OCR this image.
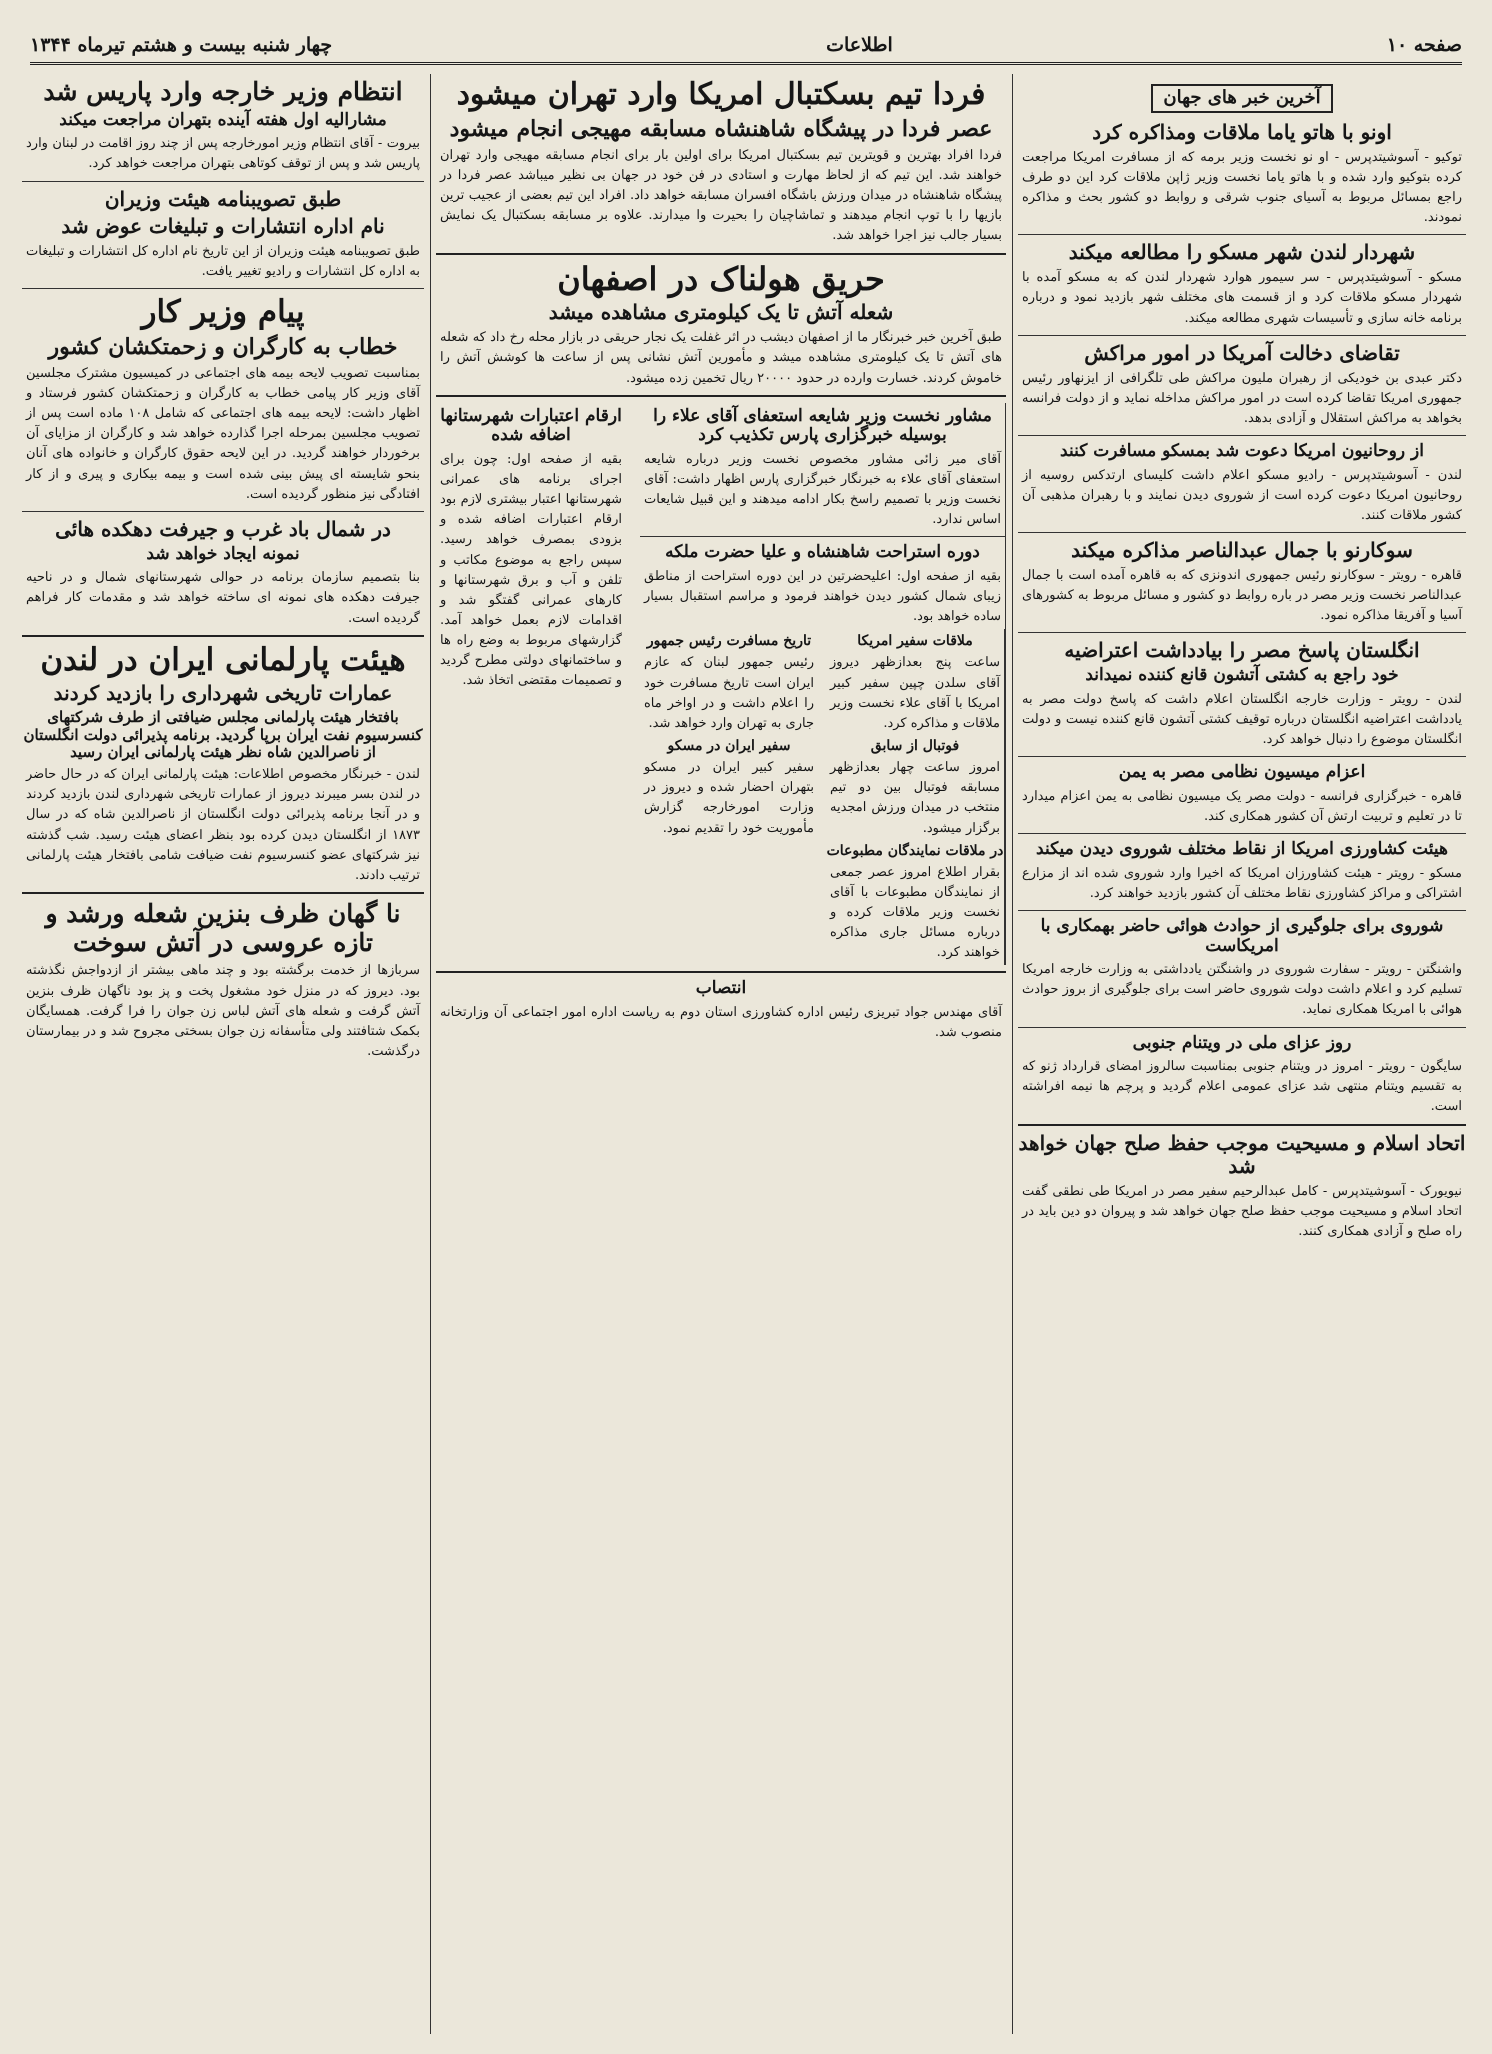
صفحه ۱۰
اطلاعات
چهار شنبه بیست و هشتم تیرماه ۱۳۴۴
آخرین خبر های جهان
اونو با هاتو یاما ملاقات ومذاکره کرد
توکیو - آسوشیتدپرس - او نو نخست وزیر برمه که از مسافرت امریکا مراجعت کرده بتوکیو وارد شده و با هاتو یاما نخست وزیر ژاپن ملاقات کرد این دو طرف راجع بمسائل مربوط به آسیای جنوب شرقی و روابط دو کشور بحث و مذاکره نمودند.
شهردار لندن شهر مسکو را مطالعه میکند
مسکو - آسوشیتدپرس - سر سیمور هوارد شهردار لندن که به مسکو آمده با شهردار مسکو ملاقات کرد و از قسمت های مختلف شهر بازدید نمود و درباره برنامه خانه سازی و تأسیسات شهری مطالعه میکند.
تقاضای دخالت آمریکا در امور مراکش
دکتر عبدی بن خودیکی از رهبران ملیون مراکش طی تلگرافی از ایزنهاور رئیس جمهوری امریکا تقاضا کرده است در امور مراکش مداخله نماید و از دولت فرانسه بخواهد به مراکش استقلال و آزادی بدهد.
از روحانیون امریکا دعوت شد بمسکو مسافرت کنند
لندن - آسوشیتدپرس - رادیو مسکو اعلام داشت کلیسای ارتدکس روسیه از روحانیون امریکا دعوت کرده است از شوروی دیدن نمایند و با رهبران مذهبی آن کشور ملاقات کنند.
سوکارنو با جمال عبدالناصر مذاکره میکند
قاهره - رویتر - سوکارنو رئیس جمهوری اندونزی که به قاهره آمده است با جمال عبدالناصر نخست وزیر مصر در باره روابط دو کشور و مسائل مربوط به کشورهای آسیا و آفریقا مذاکره نمود.
انگلستان پاسخ مصر را بیادداشت اعتراضیه
خود راجع به کشتی آتشون قانع کننده نمیداند
لندن - رویتر - وزارت خارجه انگلستان اعلام داشت که پاسخ دولت مصر به یادداشت اعتراضیه انگلستان درباره توقیف کشتی آتشون قانع کننده نیست و دولت انگلستان موضوع را دنبال خواهد کرد.
اعزام میسیون نظامی مصر به یمن
قاهره - خبرگزاری فرانسه - دولت مصر یک میسیون نظامی به یمن اعزام میدارد تا در تعلیم و تربیت ارتش آن کشور همکاری کند.
هیئت کشاورزی امریکا از نقاط مختلف شوروی دیدن میکند
مسکو - رویتر - هیئت کشاورزان امریکا که اخیرا وارد شوروی شده اند از مزارع اشتراکی و مراکز کشاورزی نقاط مختلف آن کشور بازدید خواهند کرد.
شوروی برای جلوگیری از حوادث هوائی حاضر بهمکاری با امریکاست
واشنگتن - رویتر - سفارت شوروی در واشنگتن یادداشتی به وزارت خارجه امریکا تسلیم کرد و اعلام داشت دولت شوروی حاضر است برای جلوگیری از بروز حوادث هوائی با امریکا همکاری نماید.
روز عزای ملی در ویتنام جنوبی
سایگون - رویتر - امروز در ویتنام جنوبی بمناسبت سالروز امضای قرارداد ژنو که به تقسیم ویتنام منتهی شد عزای عمومی اعلام گردید و پرچم ها نیمه افراشته است.
اتحاد اسلام و مسیحیت موجب حفظ صلح جهان خواهد شد
نیویورک - آسوشیتدپرس - کامل عبدالرحیم سفیر مصر در امریکا طی نطقی گفت اتحاد اسلام و مسیحیت موجب حفظ صلح جهان خواهد شد و پیروان دو دین باید در راه صلح و آزادی همکاری کنند.
فردا تیم بسکتبال امریکا وارد تهران میشود
عصر فردا در پیشگاه شاهنشاه مسابقه مهیجی انجام میشود
فردا افراد بهترین و قویترین تیم بسکتبال امریکا برای اولین بار برای انجام مسابقه مهیجی وارد تهران خواهند شد. این تیم که از لحاظ مهارت و استادی در فن خود در جهان بی نظیر میباشد عصر فردا در پیشگاه شاهنشاه در میدان ورزش باشگاه افسران مسابقه خواهد داد. افراد این تیم بعضی از عجیب ترین بازیها را با توپ انجام میدهند و تماشاچیان را بحیرت وا میدارند. علاوه بر مسابقه بسکتبال یک نمایش بسیار جالب نیز اجرا خواهد شد.
حریق هولناک در اصفهان
شعله آتش تا یک کیلومتری مشاهده میشد
طبق آخرین خبر خبرنگار ما از اصفهان دیشب در اثر غفلت یک نجار حریقی در بازار محله رخ داد که شعله های آتش تا یک کیلومتری مشاهده میشد و مأمورین آتش نشانی پس از ساعت ها کوشش آتش را خاموش کردند. خسارت وارده در حدود ۲۰۰۰۰ ریال تخمین زده میشود.
مشاور نخست وزیر شایعه استعفای آقای علاء را بوسیله خبرگزاری پارس تکذیب کرد
آقای میر زائی مشاور مخصوص نخست وزیر درباره شایعه استعفای آقای علاء به خبرنگار خبرگزاری پارس اظهار داشت: آقای نخست وزیر با تصمیم راسخ بکار ادامه میدهند و این قبیل شایعات اساس ندارد.
دوره استراحت شاهنشاه و علیا حضرت ملکه
بقیه از صفحه اول: اعلیحضرتین در این دوره استراحت از مناطق زیبای شمال کشور دیدن خواهند فرمود و مراسم استقبال بسیار ساده خواهد بود.
ملاقات سفیر امریکا
ساعت پنج بعدازظهر دیروز آقای سلدن چپین سفیر کبیر امریکا با آقای علاء نخست وزیر ملاقات و مذاکره کرد.
فوتبال از سابق
امروز ساعت چهار بعدازظهر مسابقه فوتبال بین دو تیم منتخب در میدان ورزش امجدیه برگزار میشود.
در ملاقات نمایندگان مطبوعات
بقرار اطلاع امروز عصر جمعی از نمایندگان مطبوعات با آقای نخست وزیر ملاقات کرده و درباره مسائل جاری مذاکره خواهند کرد.
تاریخ مسافرت رئیس جمهور
رئیس جمهور لبنان که عازم ایران است تاریخ مسافرت خود را اعلام داشت و در اواخر ماه جاری به تهران وارد خواهد شد.
سفیر ایران در مسکو
سفیر کبیر ایران در مسکو بتهران احضار شده و دیروز در وزارت امورخارجه گزارش مأموریت خود را تقدیم نمود.
ارقام اعتبارات شهرستانها اضافه شده
بقیه از صفحه اول: چون برای اجرای برنامه های عمرانی شهرستانها اعتبار بیشتری لازم بود ارقام اعتبارات اضافه شده و بزودی بمصرف خواهد رسید. سپس راجع به موضوع مکاتب و تلفن و آب و برق شهرستانها و کارهای عمرانی گفتگو شد و اقدامات لازم بعمل خواهد آمد. گزارشهای مربوط به وضع راه ها و ساختمانهای دولتی مطرح گردید و تصمیمات مقتضی اتخاذ شد.
انتصاب
آقای مهندس جواد تبریزی رئیس اداره کشاورزی استان دوم به ریاست اداره امور اجتماعی آن وزارتخانه منصوب شد.
انتظام وزیر خارجه وارد پاریس شد
مشارالیه اول هفته آینده بتهران مراجعت میکند
بیروت - آقای انتظام وزیر امورخارجه پس از چند روز اقامت در لبنان وارد پاریس شد و پس از توقف کوتاهی بتهران مراجعت خواهد کرد.
طبق تصویبنامه هیئت وزیران
نام اداره انتشارات و تبلیغات عوض شد
طبق تصویبنامه هیئت وزیران از این تاریخ نام اداره کل انتشارات و تبلیغات به اداره کل انتشارات و رادیو تغییر یافت.
پیام وزیر کار
خطاب به کارگران و زحمتکشان کشور
بمناسبت تصویب لایحه بیمه های اجتماعی در کمیسیون مشترک مجلسین آقای وزیر کار پیامی خطاب به کارگران و زحمتکشان کشور فرستاد و اظهار داشت: لایحه بیمه های اجتماعی که شامل ۱۰۸ ماده است پس از تصویب مجلسین بمرحله اجرا گذارده خواهد شد و کارگران از مزایای آن برخوردار خواهند گردید. در این لایحه حقوق کارگران و خانواده های آنان بنحو شایسته ای پیش بینی شده است و بیمه بیکاری و پیری و از کار افتادگی نیز منظور گردیده است.
در شمال باد غرب و جیرفت دهکده هائی
نمونه ایجاد خواهد شد
بنا بتصمیم سازمان برنامه در حوالی شهرستانهای شمال و در ناحیه جیرفت دهکده های نمونه ای ساخته خواهد شد و مقدمات کار فراهم گردیده است.
هیئت پارلمانی ایران در لندن
عمارات تاریخی شهرداری را بازدید کردند
بافتخار هیئت پارلمانی مجلس ضیافتی از طرف شرکتهای کنسرسیوم نفت ایران برپا گردید. برنامه پذیرائی دولت انگلستان از ناصرالدین شاه نظر هیئت پارلمانی ایران رسید
لندن - خبرنگار مخصوص اطلاعات: هیئت پارلمانی ایران که در حال حاضر در لندن بسر میبرند دیروز از عمارات تاریخی شهرداری لندن بازدید کردند و در آنجا برنامه پذیرائی دولت انگلستان از ناصرالدین شاه که در سال ۱۸۷۳ از انگلستان دیدن کرده بود بنظر اعضای هیئت رسید. شب گذشته نیز شرکتهای عضو کنسرسیوم نفت ضیافت شامی بافتخار هیئت پارلمانی ترتیب دادند.
نا گهان ظرف بنزین شعله ورشد و تازه عروسی در آتش سوخت
سربازها از خدمت برگشته بود و چند ماهی بیشتر از ازدواجش نگذشته بود. دیروز که در منزل خود مشغول پخت و پز بود ناگهان ظرف بنزین آتش گرفت و شعله های آتش لباس زن جوان را فرا گرفت. همسایگان بکمک شتافتند ولی متأسفانه زن جوان بسختی مجروح شد و در بیمارستان درگذشت.
